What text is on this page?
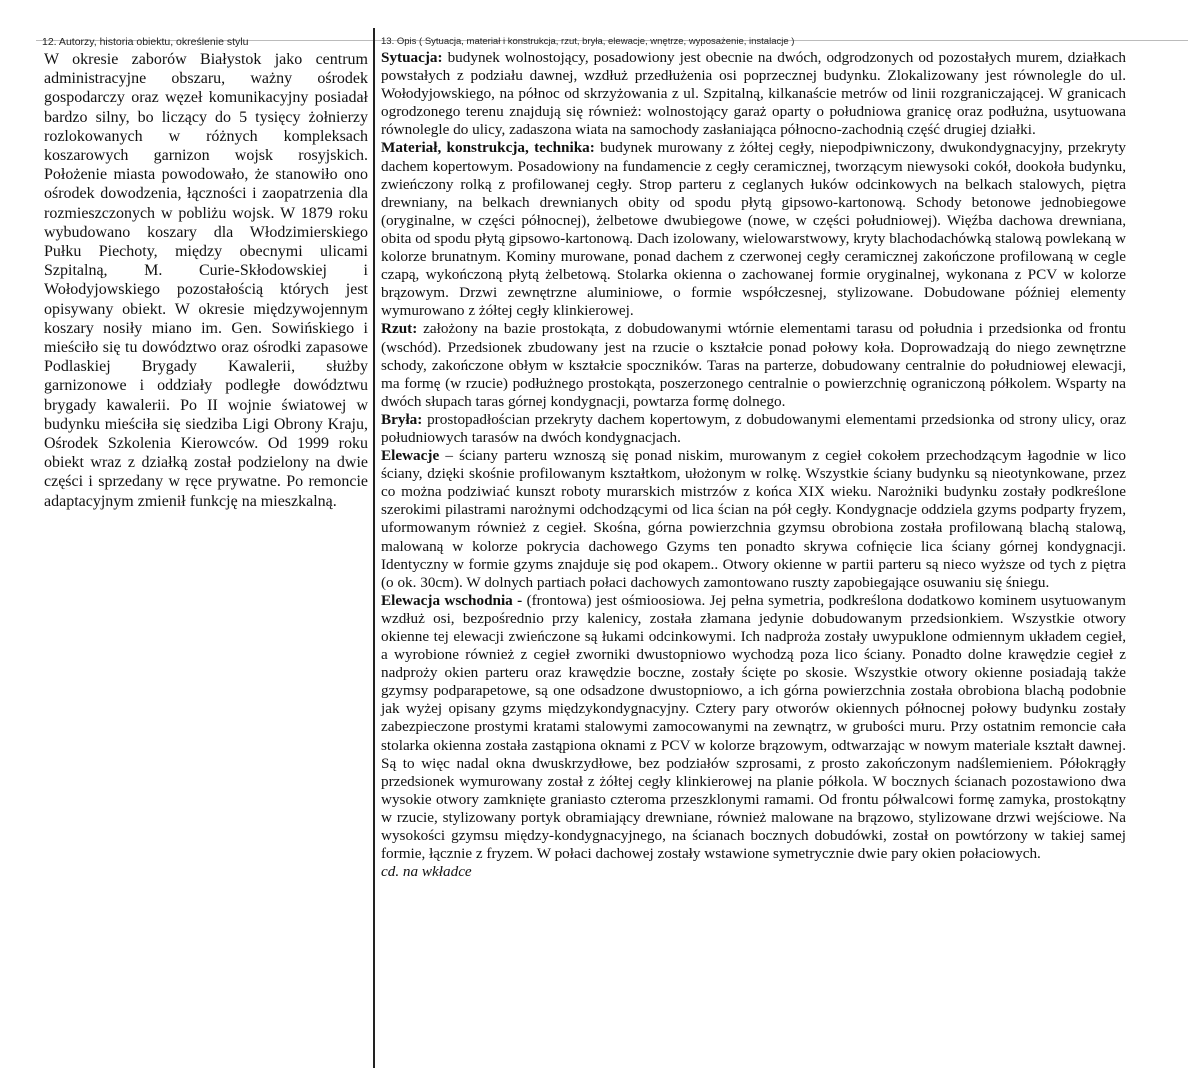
12. Autorzy, historia obiektu, określenie stylu	13. Opis ( Sytuacja, materiał i konstrukcja, rzut, bryła, elewacje, wnętrze, wyposażenie, instalacje )
W okresie zaborów Białystok jako centrum administracyjne obszaru, ważny ośrodek gospodarczy oraz węzeł komunikacyjny posiadał bardzo silny, bo liczący do 5 tysięcy żołnierzy rozlokowanych w różnych kompleksach koszarowych garnizon wojsk rosyjskich. Położenie miasta powodowało, że stanowiło ono ośrodek dowodzenia, łączności i zaopatrzenia dla rozmieszczonych w pobliżu wojsk. W 1879 roku wybudowano koszary dla Włodzimierskiego Pułku Piechoty, między obecnymi ulicami Szpitalną, M. Curie-Skłodowskiej i Wołodyjowskiego pozostałością których jest opisywany obiekt. W okresie międzywojennym koszary nosiły miano im. Gen. Sowińskiego i mieściło się tu dowództwo oraz ośrodki zapasowe Podlaskiej Brygady Kawalerii, służby garnizonowe i oddziały podległe dowództwu brygady kawalerii. Po II wojnie światowej w budynku mieściła się siedziba Ligi Obrony Kraju, Ośrodek Szkolenia Kierowców. Od 1999 roku obiekt wraz z działką został podzielony na dwie części i sprzedany w ręce prywatne. Po remoncie adaptacyjnym zmienił funkcję na mieszkalną.

Sytuacja: budynek wolnostojący, posadowiony jest obecnie na dwóch, odgrodzonych od pozostałych murem, działkach powstałych z podziału dawnej, wzdłuż przedłużenia osi poprzecznej budynku. Zlokalizowany jest równolegle do ul. Wołodyjowskiego, na północ od skrzyżowania z ul. Szpitalną, kilkanaście metrów od linii rozgraniczającej. W granicach ogrodzonego terenu znajdują się również: wolnostojący garaż oparty o południowa granicę oraz podłużna, usytuowana równolegle do ulicy, zadaszona wiata na samochody zasłaniająca północno-zachodnią część drugiej działki.

Materiał, konstrukcja, technika: budynek murowany z żółtej cegły, niepodpiwniczony, dwukondygnacyjny, przekryty dachem kopertowym. Posadowiony na fundamencie z cegły ceramicznej, tworzącym niewysoki cokół, dookoła budynku, zwieńczony rolką z profilowanej cegły. Strop parteru z ceglanych łuków odcinkowych na belkach stalowych, piętra drewniany, na belkach drewnianych obity od spodu płytą gipsowo-kartonową. Schody betonowe jednobiegowe (oryginalne, w części północnej), żelbetowe dwubiegowe (nowe, w części południowej). Więźba dachowa drewniana, obita od spodu płytą gipsowo-kartonową. Dach izolowany, wielowarstwowy, kryty blachodachówką stalową powlekaną w kolorze brunatnym. Kominy murowane, ponad dachem z czerwonej cegły ceramicznej zakończone profilowaną w cegle czapą, wykończoną płytą żelbetową. Stolarka okienna o zachowanej formie oryginalnej, wykonana z PCV w kolorze brązowym. Drzwi zewnętrzne aluminiowe, o formie współczesnej, stylizowane. Dobudowane później elementy wymurowano z żółtej cegły klinkierowej.

Rzut: założony na bazie prostokąta, z dobudowanymi wtórnie elementami tarasu od południa i przedsionka od frontu (wschód). Przedsionek zbudowany jest na rzucie o kształcie ponad połowy koła. Doprowadzają do niego zewnętrzne schody, zakończone obłym w kształcie spoczników. Taras na parterze, dobudowany centralnie do południowej elewacji, ma formę (w rzucie) podłużnego prostokąta, poszerzonego centralnie o powierzchnię ograniczoną półkolem. Wsparty na dwóch słupach taras górnej kondygnacji, powtarza formę dolnego.

Bryła: prostopadłościan przekryty dachem kopertowym, z dobudowanymi elementami przedsionka od strony ulicy, oraz południowych tarasów na dwóch kondygnacjach.

Elewacje – ściany parteru wznoszą się ponad niskim, murowanym z cegieł cokołem przechodzącym łagodnie w lico ściany, dzięki skośnie profilowanym kształtkom, ułożonym w rolkę. Wszystkie ściany budynku są nieotynkowane, przez co można podziwiać kunszt roboty murarskich mistrzów z końca XIX wieku. Narożniki budynku zostały podkreślone szerokimi pilastrami narożnymi odchodzącymi od lica ścian na pół cegły. Kondygnacje oddziela gzyms podparty fryzem, uformowanym również z cegieł. Skośna, górna powierzchnia gzymsu obrobiona została profilowaną blachą stalową, malowaną w kolorze pokrycia dachowego Gzyms ten ponadto skrywa cofnięcie lica ściany górnej kondygnacji. Identyczny w formie gzyms znajduje się pod okapem.. Otwory okienne w partii parteru są nieco wyższe od tych z piętra (o ok. 30cm). W dolnych partiach połaci dachowych zamontowano ruszty zapobiegające osuwaniu się śniegu.

Elewacja wschodnia - (frontowa) jest ośmioosiowa. Jej pełna symetria, podkreślona dodatkowo kominem usytuowanym wzdłuż osi, bezpośrednio przy kalenicy, została złamana jedynie dobudowanym przedsionkiem. Wszystkie otwory okienne tej elewacji zwieńczone są łukami odcinkowymi. Ich nadproża zostały uwypuklone odmiennym układem cegieł, a wyrobione również z cegieł zworniki dwustopniowo wychodzą poza lico ściany. Ponadto dolne krawędzie cegieł z nadproży okien parteru oraz krawędzie boczne, zostały ścięte po skosie. Wszystkie otwory okienne posiadają także gzymsy podparapetowe, są one odsadzone dwustopniowo, a ich górna powierzchnia została obrobiona blachą podobnie jak wyżej opisany gzyms międzykondygnacyjny. Cztery pary otworów okiennych północnej połowy budynku zostały zabezpieczone prostymi kratami stalowymi zamocowanymi na zewnątrz, w grubości muru. Przy ostatnim remoncie cała stolarka okienna została zastąpiona oknami z PCV w kolorze brązowym, odtwarzając w nowym materiale kształt dawnej. Są to więc nadal okna dwuskrzydłowe, bez podziałów szprosami, z prosto zakończonym nadślemieniem. Półokrągły przedsionek wymurowany został z żółtej cegły klinkierowej na planie półkola. W bocznych ścianach pozostawiono dwa wysokie otwory zamknięte graniasto czteroma przeszklonymi ramami. Od frontu półwalcowi formę zamyka, prostokątny w rzucie, stylizowany portyk obramiający drewniane, również malowane na brązowo, stylizowane drzwi wejściowe. Na wysokości gzymsu między-kondygnacyjnego, na ścianach bocznych dobudówki, został on powtórzony w takiej samej formie, łącznie z fryzem. W połaci dachowej zostały wstawione symetrycznie dwie pary okien połaciowych.

cd. na wkładce
